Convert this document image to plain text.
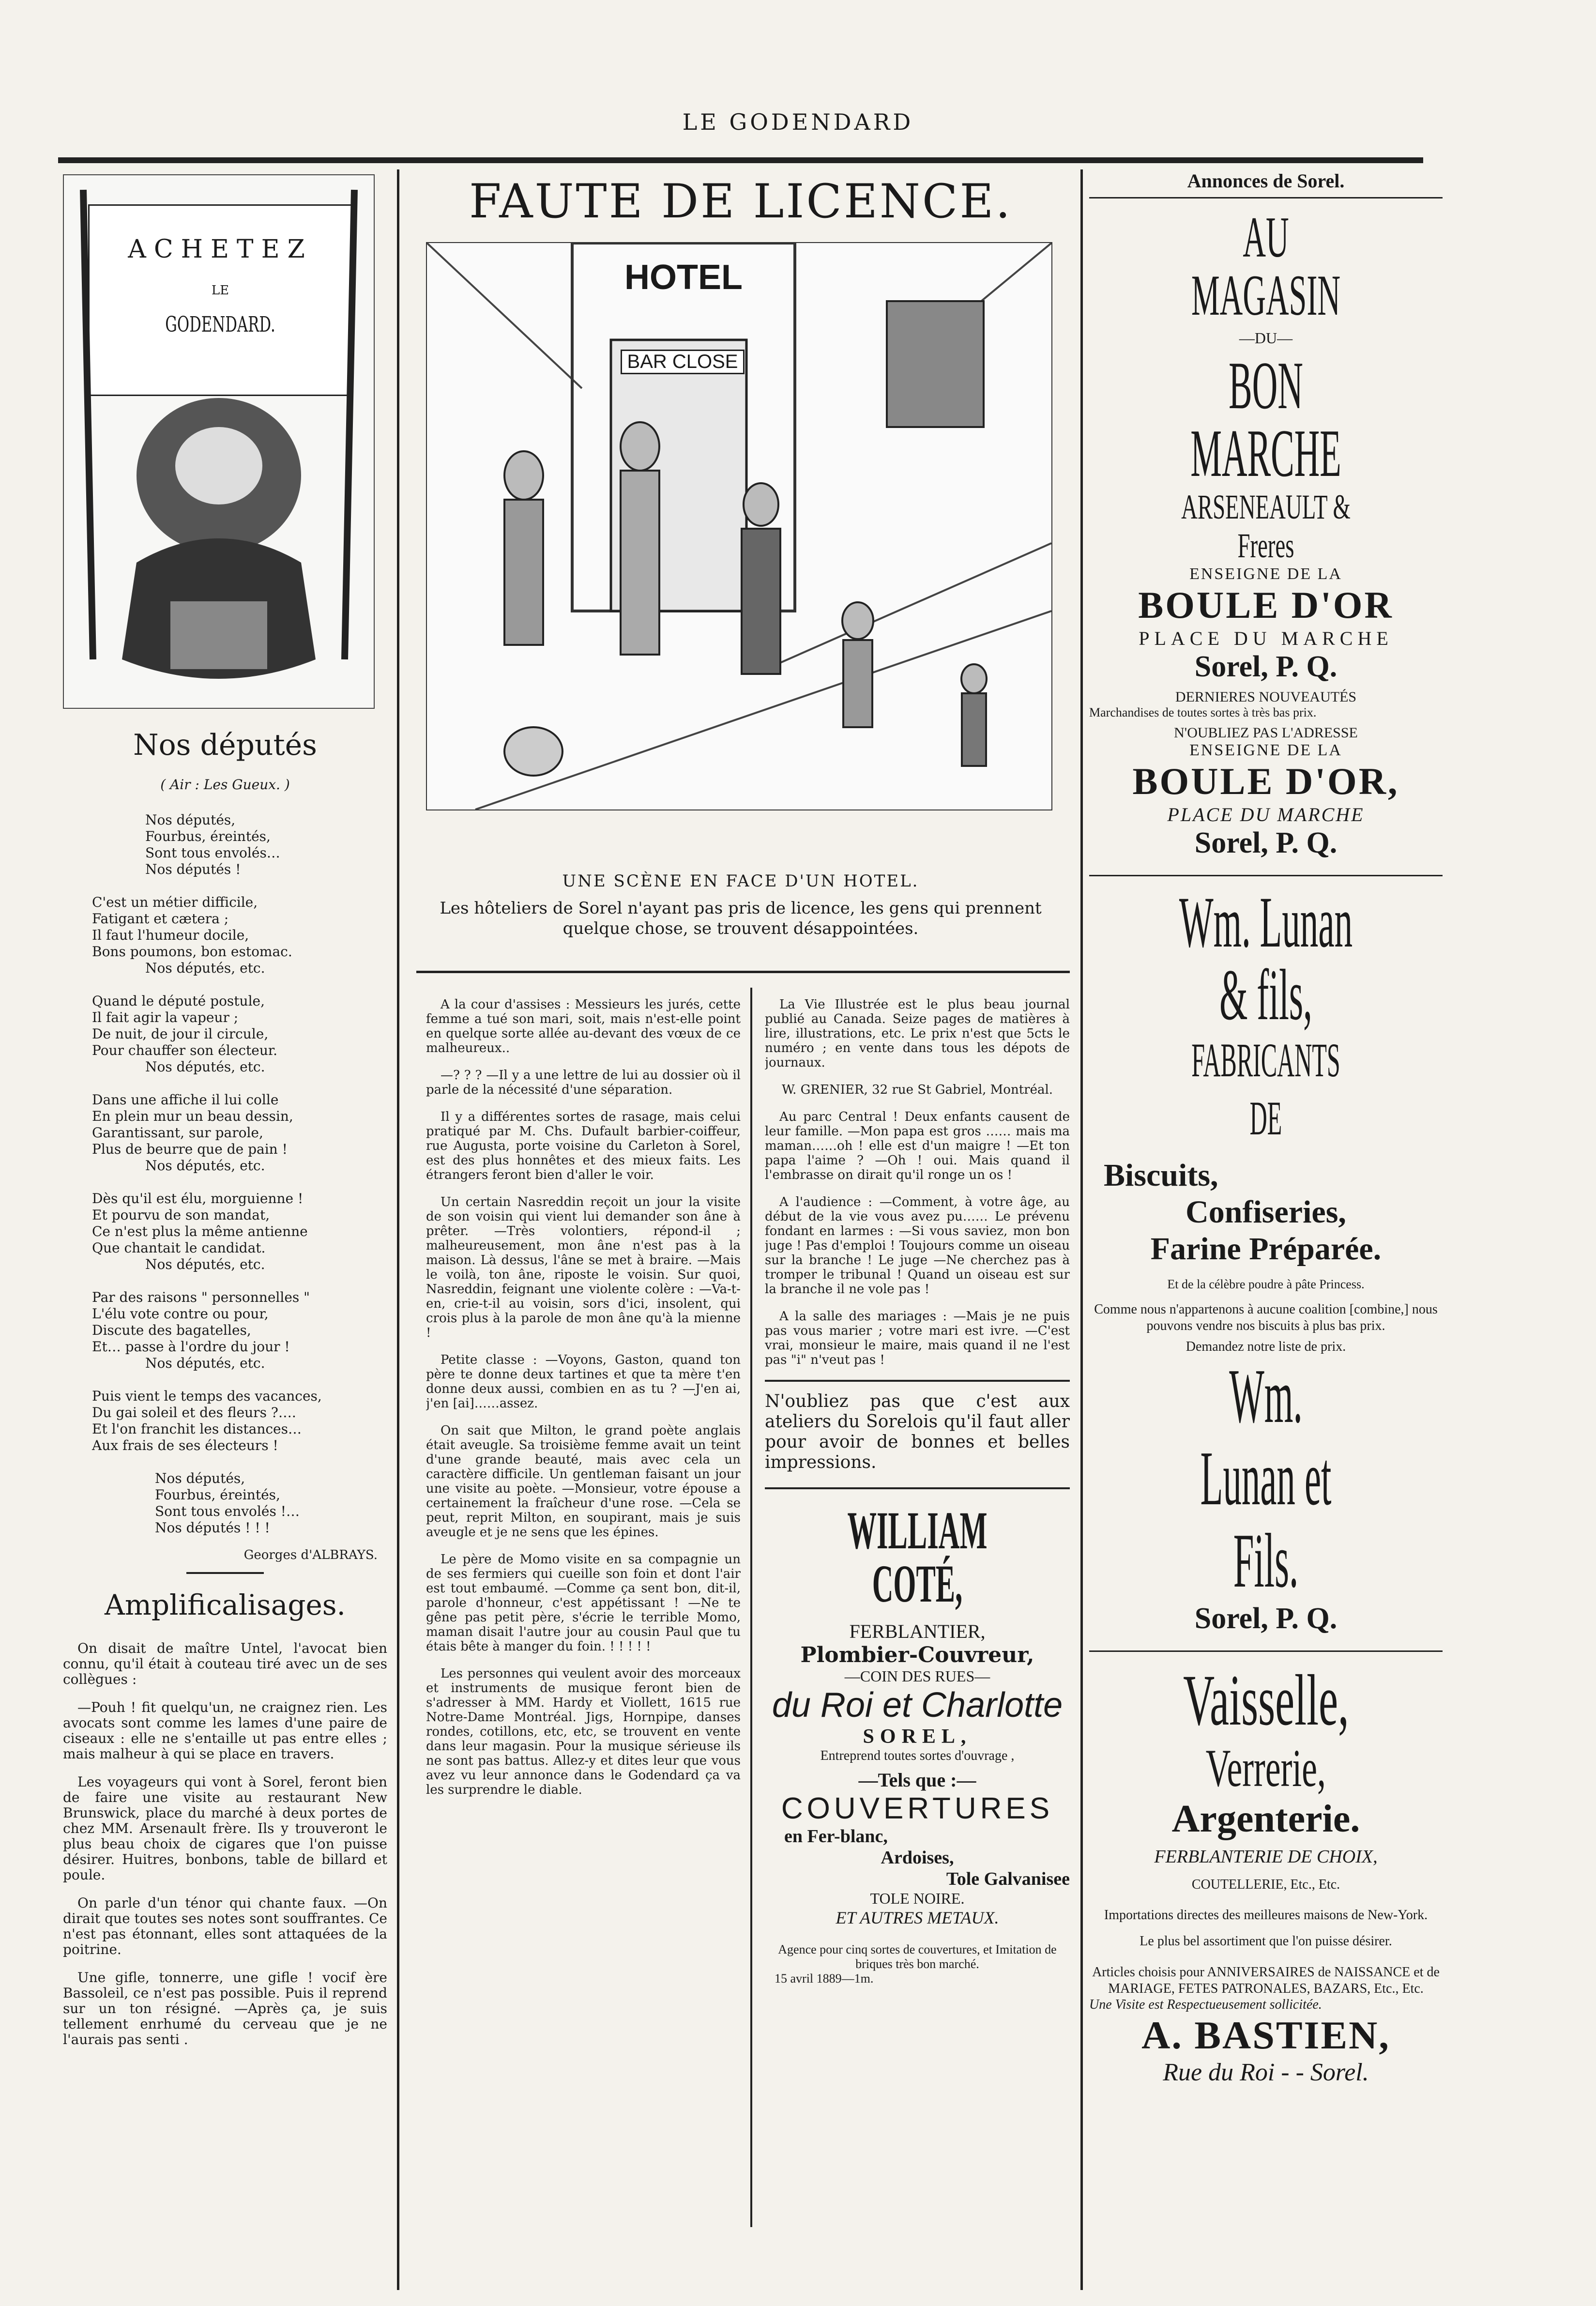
LE GODENDARD
ACHETEZ
LE
GODENDARD.
Nos députés
( Air : Les Gueux. )
Nos députés,
Fourbus, éreintés,
Sont tous envolés…
Nos députés !
C'est un métier difficile,
Fatigant et cætera ;
Il faut l'humeur docile,
Bons poumons, bon estomac.
Nos députés, etc.
Quand le député postule,
Il fait agir la vapeur ;
De nuit, de jour il circule,
Pour chauffer son électeur.
Nos députés, etc.
Dans une affiche il lui colle
En plein mur un beau dessin,
Garantissant, sur parole,
Plus de beurre que de pain !
Nos députés, etc.
Dès qu'il est élu, morguienne !
Et pourvu de son mandat,
Ce n'est plus la même antienne
Que chantait le candidat.
Nos députés, etc.
Par des raisons " personnelles "
L'élu vote contre ou pour,
Discute des bagatelles,
Et… passe à l'ordre du jour !
Nos députés, etc.
Puis vient le temps des vacances,
Du gai soleil et des fleurs ?….
Et l'on franchit les distances…
Aux frais de ses électeurs !
Nos députés,
Fourbus, éreintés,
Sont tous envolés !…
Nos députés ! ! !
Georges d'ALBRAYS.
Amplificalisages.

On disait de maître Untel, l'avocat bien connu, qu'il était à couteau tiré avec un de ses collègues :

—Pouh ! fit quelqu'un, ne craignez rien. Les avocats sont comme les lames d'une paire de ciseaux : elle ne s'entaille ut pas entre elles ; mais malheur à qui se place en travers.

Les voyageurs qui vont à Sorel, feront bien de faire une visite au restaurant New Brunswick, place du marché à deux portes de chez MM. Arsenault frère. Ils y trouveront le plus beau choix de cigares que l'on puisse désirer. Huitres, bonbons, table de billard et poule.

On parle d'un ténor qui chante faux. —On dirait que toutes ses notes sont souffrantes. Ce n'est pas étonnant, elles sont attaquées de la poitrine.

Une gifle, tonnerre, une gifle ! vocif ère Bassoleil, ce n'est pas possible. Puis il reprend sur un ton résigné. —Après ça, je suis tellement enrhumé du cerveau que je ne l'aurais pas senti .

FAUTE DE LICENCE.
HOTEL
BAR CLOSE
UNE SCÈNE EN FACE D'UN HOTEL.
Les hôteliers de Sorel n'ayant pas pris de licence, les gens qui prennent quelque chose, se trouvent désappointées.

A la cour d'assises : Messieurs les jurés, cette femme a tué son mari, soit, mais n'est-elle point en quelque sorte allée au-devant des vœux de ce malheureux..

—? ? ? —Il y a une lettre de lui au dossier où il parle de la nécessité d'une séparation.

Il y a différentes sortes de rasage, mais celui pratiqué par M. Chs. Dufault barbier-coiffeur, rue Augusta, porte voisine du Carleton à Sorel, est des plus honnêtes et des mieux faits. Les étrangers feront bien d'aller le voir.

Un certain Nasreddin reçoit un jour la visite de son voisin qui vient lui demander son âne à prêter. —Très volontiers, répond-il ; malheureusement, mon âne n'est pas à la maison. Là dessus, l'âne se met à braire. —Mais le voilà, ton âne, riposte le voisin. Sur quoi, Nasreddin, feignant une violente colère : —Va-t-en, crie-t-il au voisin, sors d'ici, insolent, qui crois plus à la parole de mon âne qu'à la mienne !

Petite classe : —Voyons, Gaston, quand ton père te donne deux tartines et que ta mère t'en donne deux aussi, combien en as tu ? —J'en ai, j'en [ai]……assez.

On sait que Milton, le grand poète anglais était aveugle. Sa troisième femme avait un teint d'une grande beauté, mais avec cela un caractère difficile. Un gentleman faisant un jour une visite au poète. —Monsieur, votre épouse a certainement la fraîcheur d'une rose. —Cela se peut, reprit Milton, en soupirant, mais je suis aveugle et je ne sens que les épines.

Le père de Momo visite en sa compagnie un de ses fermiers qui cueille son foin et dont l'air est tout embaumé. —Comme ça sent bon, dit-il, parole d'honneur, c'est appétissant ! —Ne te gêne pas petit père, s'écrie le terrible Momo, maman disait l'autre jour au cousin Paul que tu étais bête à manger du foin. ! ! ! ! !

Les personnes qui veulent avoir des morceaux et instruments de musique feront bien de s'adresser à MM. Hardy et Viollett, 1615 rue Notre-Dame Montréal. Jigs, Hornpipe, danses rondes, cotillons, etc, etc, se trouvent en vente dans leur magasin. Pour la musique sérieuse ils ne sont pas battus. Allez-y et dites leur que vous avez vu leur annonce dans le Godendard ça va les surprendre le diable.

La Vie Illustrée est le plus beau journal publié au Canada. Seize pages de matières à lire, illustrations, etc. Le prix n'est que 5cts le numéro ; en vente dans tous les dépots de journaux.

W. GRENIER, 32 rue St Gabriel, Montréal.

Au parc Central ! Deux enfants causent de leur famille. —Mon papa est gros …… mais ma maman……oh ! elle est d'un maigre ! —Et ton papa l'aime ? —Oh ! oui. Mais quand il l'embrasse on dirait qu'il ronge un os !

A l'audience : —Comment, à votre âge, au début de la vie vous avez pu…… Le prévenu fondant en larmes : —Si vous saviez, mon bon juge ! Pas d'emploi ! Toujours comme un oiseau sur la branche ! Le juge —Ne cherchez pas à tromper le tribunal ! Quand un oiseau est sur la branche il ne vole pas !

A la salle des mariages : —Mais je ne puis pas vous marier ; votre mari est ivre. —C'est vrai, monsieur le maire, mais quand il ne l'est pas "i" n'veut pas !

N'oubliez pas que c'est aux ateliers du Sorelois qu'il faut aller pour avoir de bonnes et belles impressions.
WILLIAM COTÉ,
FERBLANTIER,
Plombier-Couvreur,
—COIN DES RUES—
du Roi et Charlotte
SOREL,
Entreprend toutes sortes d'ouvrage ,
—Tels que :—
COUVERTURES
en Fer-blanc,
Ardoises,
Tole Galvanisee
TOLE NOIRE.
ET AUTRES METAUX.
Agence pour cinq sortes de couvertures, et Imitation de briques très bon marché.
15 avril 1889—1m.
Annonces de Sorel.
AU MAGASIN
—DU—
BON MARCHE
ARSENEAULT & Freres
ENSEIGNE DE LA
BOULE D'OR
PLACE DU MARCHE
Sorel, P. Q.
DERNIERES NOUVEAUTÉS
Marchandises de toutes sortes à très bas prix.
N'OUBLIEZ PAS L'ADRESSE
ENSEIGNE DE LA
BOULE D'OR,
PLACE DU MARCHE
Sorel, P. Q.
Wm. Lunan & fils,
FABRICANTS DE
Biscuits,
Confiseries,
Farine Préparée.
Et de la célèbre poudre à pâte Princess.
Comme nous n'appartenons à aucune coalition [combine,] nous pouvons vendre nos biscuits à plus bas prix.
Demandez notre liste de prix.
Wm. Lunan et Fils.
Sorel, P. Q.
Vaisselle,
Verrerie,
Argenterie.
FERBLANTERIE DE CHOIX,
COUTELLERIE, Etc., Etc.
Importations directes des meilleures maisons de New-York.
Le plus bel assortiment que l'on puisse désirer.
Articles choisis pour ANNIVERSAIRES de NAISSANCE et de MARIAGE, FETES PATRONALES, BAZARS, Etc., Etc.
Une Visite est Respectueusement sollicitée.
A. BASTIEN,
Rue du Roi - - Sorel.
